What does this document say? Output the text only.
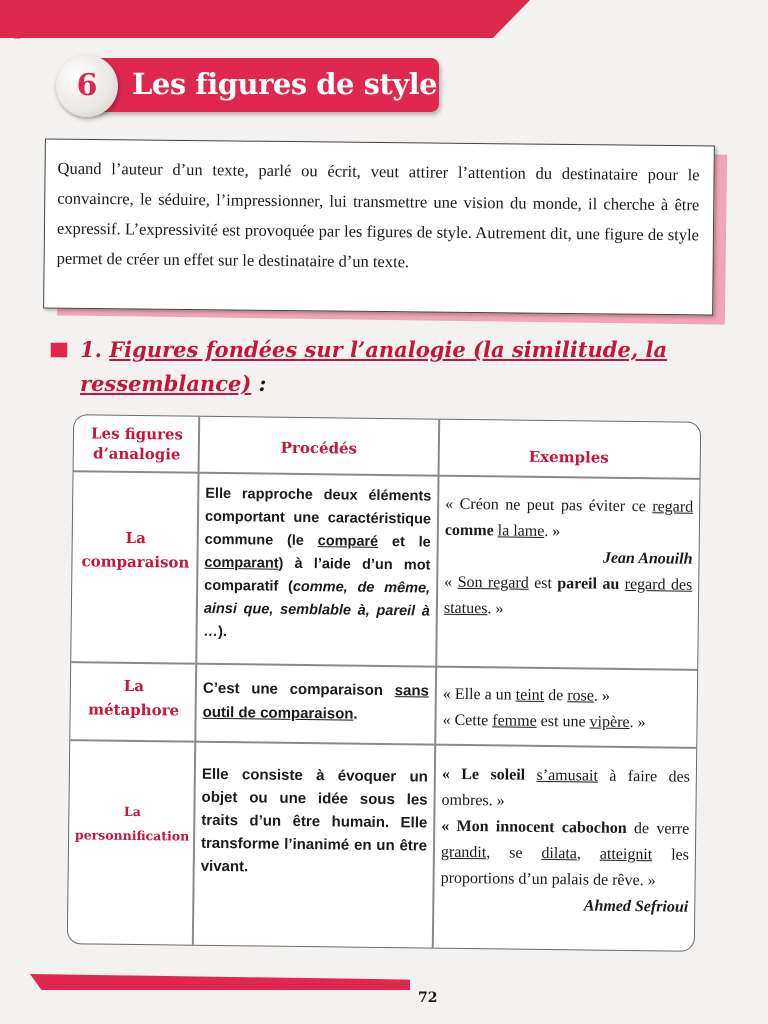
↘
Les figures de style
6
Quand l’auteur d’un texte, parlé ou écrit, veut attirer l’attention du destinataire pour le convaincre, le séduire, l’impressionner, lui transmettre une vision du monde, il cherche à être expressif. L’expressivité est provoquée par les figures de style. Autrement dit, une figure de style permet de créer un effet sur le destinataire d’un texte.
1. Figures fondées sur l’analogie (la similitude, la ressemblance) :
Les figures d’analogie	Procédés	Exemples
La comparaison
Elle rapproche deux éléments comportant une caractéristique commune (le comparé et le comparant) à l’aide d’un mot comparatif (comme, de même, ainsi que, semblable à, pareil à …).
« Créon ne peut pas éviter ce regard comme la lame. »
Jean Anouilh
« Son regard est pareil au regard des statues. »
La métaphore
C’est une comparaison sans outil de comparaison.
« Elle a un teint de rose. »
« Cette femme est une vipère. »
La personnification
Elle consiste à évoquer un objet ou une idée sous les traits d’un être humain. Elle transforme l’inanimé en un être vivant.
« Le soleil s’amusait à faire des ombres. »
« Mon innocent cabochon de verre grandit, se dilata, atteignit les proportions d’un palais de rêve. »
Ahmed Sefrioui
72
